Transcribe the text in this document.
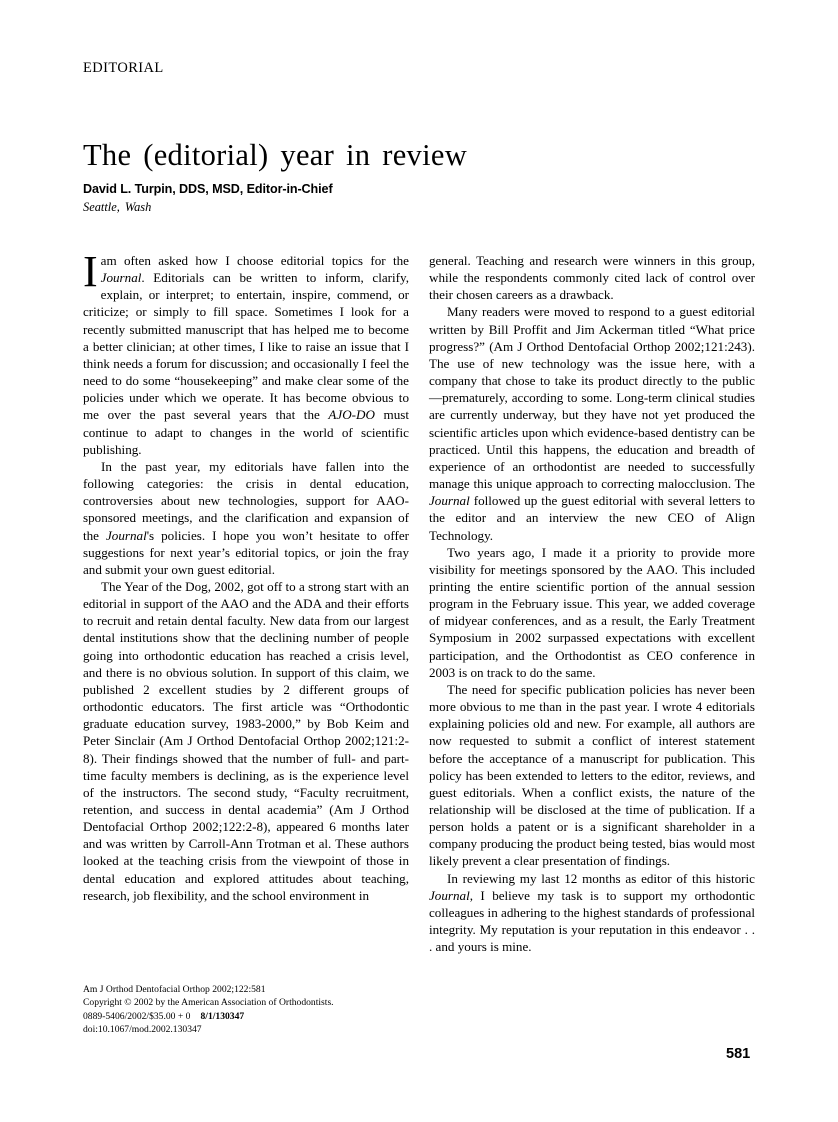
EDITORIAL
The (editorial) year in review
David L. Turpin, DDS, MSD, Editor-in-Chief
Seattle, Wash

Iam often asked how I choose editorial topics for the Journal. Editorials can be written to inform, clarify, explain, or interpret; to entertain, inspire, commend, or criticize; or simply to fill space. Sometimes I look for a recently submitted manuscript that has helped me to become a better clinician; at other times, I like to raise an issue that I think needs a forum for discussion; and occasionally I feel the need to do some “housekeeping” and make clear some of the policies under which we operate. It has become obvious to me over the past several years that the AJO-DO must continue to adapt to changes in the world of scientific publishing.

In the past year, my editorials have fallen into the following categories: the crisis in dental education, controversies about new technologies, support for AAO-sponsored meetings, and the clarification and expansion of the Journal's policies. I hope you won’t hesitate to offer suggestions for next year’s editorial topics, or join the fray and submit your own guest editorial.

The Year of the Dog, 2002, got off to a strong start with an editorial in support of the AAO and the ADA and their efforts to recruit and retain dental faculty. New data from our largest dental institutions show that the declining number of people going into orthodontic education has reached a crisis level, and there is no obvious solution. In support of this claim, we published 2 excellent studies by 2 different groups of orthodontic educators. The first article was “Orthodontic graduate education survey, 1983-2000,” by Bob Keim and Peter Sinclair (Am J Orthod Dentofacial Orthop 2002;121:2-8). Their findings showed that the number of full- and part-time faculty members is declining, as is the experience level of the instructors. The second study, “Faculty recruitment, retention, and success in dental academia” (Am J Orthod Dentofacial Orthop 2002;122:2-8), appeared 6 months later and was written by Carroll-Ann Trotman et al. These authors looked at the teaching crisis from the viewpoint of those in dental education and explored attitudes about teaching, research, job flexibility, and the school environment in

general. Teaching and research were winners in this group, while the respondents commonly cited lack of control over their chosen careers as a drawback.

Many readers were moved to respond to a guest editorial written by Bill Proffit and Jim Ackerman titled “What price progress?” (Am J Orthod Dentofacial Orthop 2002;121:243). The use of new technology was the issue here, with a company that chose to take its product directly to the public—prematurely, according to some. Long-term clinical studies are currently underway, but they have not yet produced the scientific articles upon which evidence-based dentistry can be practiced. Until this happens, the education and breadth of experience of an orthodontist are needed to successfully manage this unique approach to correcting malocclusion. The Journal followed up the guest editorial with several letters to the editor and an interview the new CEO of Align Technology.

Two years ago, I made it a priority to provide more visibility for meetings sponsored by the AAO. This included printing the entire scientific portion of the annual session program in the February issue. This year, we added coverage of midyear conferences, and as a result, the Early Treatment Symposium in 2002 surpassed expectations with excellent participation, and the Orthodontist as CEO conference in 2003 is on track to do the same.

The need for specific publication policies has never been more obvious to me than in the past year. I wrote 4 editorials explaining policies old and new. For example, all authors are now requested to submit a conflict of interest statement before the acceptance of a manuscript for publication. This policy has been extended to letters to the editor, reviews, and guest editorials. When a conflict exists, the nature of the relationship will be disclosed at the time of publication. If a person holds a patent or is a significant shareholder in a company producing the product being tested, bias would most likely prevent a clear presentation of findings.

In reviewing my last 12 months as editor of this historic Journal, I believe my task is to support my orthodontic colleagues in adhering to the highest standards of professional integrity. My reputation is your reputation in this endeavor . . . and yours is mine.

Am J Orthod Dentofacial Orthop 2002;122:581
Copyright © 2002 by the American Association of Orthodontists.
0889-5406/2002/$35.00 + 0 8/1/130347
doi:10.1067/mod.2002.130347
581
